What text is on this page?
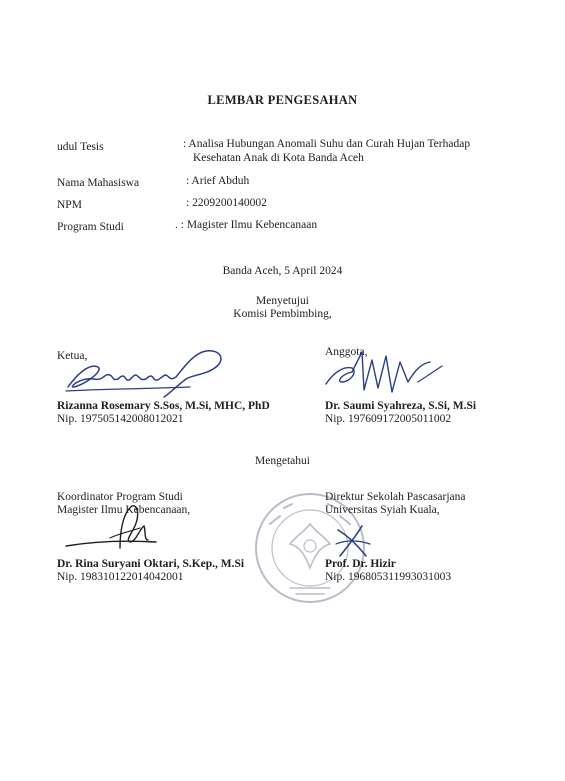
LEMBAR PENGESAHAN
udul Tesis	: Analisa Hubungan Anomali Suhu dan Curah Hujan Terhadap
Kesehatan Anak di Kota Banda Aceh
Nama Mahasiswa	: Arief Abduh
NPM	: 2209200140002
Program Studi	. : Magister Ilmu Kebencanaan
Banda Aceh, 5 April 2024
Menyetujui
Komisi Pembimbing,
Ketua,
Rizanna Rosemary S.Sos, M.Si, MHC, PhD
Nip. 197505142008012021
Anggota,
Dr. Saumi Syahreza, S.Si, M.Si
Nip. 197609172005011002
Mengetahui
Koordinator Program Studi
Magister Ilmu Kebencanaan,
Dr. Rina Suryani Oktari, S.Kep., M.Si
Nip. 198310122014042001
Direktur Sekolah Pascasarjana
Universitas Syiah Kuala,
Prof. Dr. Hizir
Nip. 196805311993031003
